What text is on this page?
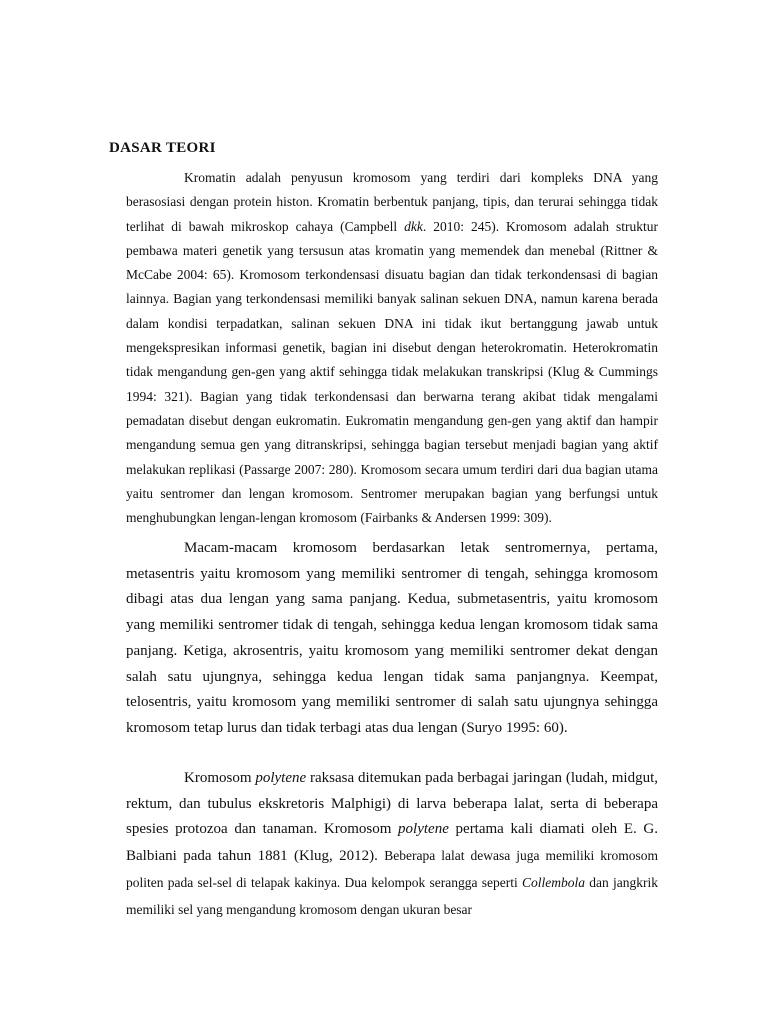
DASAR TEORI

Kromatin adalah penyusun kromosom yang terdiri dari kompleks DNA yang berasosiasi dengan protein histon. Kromatin berbentuk panjang, tipis, dan terurai sehingga tidak terlihat di bawah mikroskop cahaya (Campbell dkk. 2010: 245). Kromosom adalah struktur pembawa materi genetik yang tersusun atas kromatin yang memendek dan menebal (Rittner & McCabe 2004: 65). Kromosom terkondensasi disuatu bagian dan tidak terkondensasi di bagian lainnya. Bagian yang terkondensasi memiliki banyak salinan sekuen DNA, namun karena berada dalam kondisi terpadatkan, salinan sekuen DNA ini tidak ikut bertanggung jawab untuk mengekspresikan informasi genetik, bagian ini disebut dengan heterokromatin. Heterokromatin tidak mengandung gen-gen yang aktif sehingga tidak melakukan transkripsi (Klug & Cummings 1994: 321). Bagian yang tidak terkondensasi dan berwarna terang akibat tidak mengalami pemadatan disebut dengan eukromatin. Eukromatin mengandung gen-gen yang aktif dan hampir mengandung semua gen yang ditranskripsi, sehingga bagian tersebut menjadi bagian yang aktif melakukan replikasi (Passarge 2007: 280). Kromosom secara umum terdiri dari dua bagian utama yaitu sentromer dan lengan kromosom. Sentromer merupakan bagian yang berfungsi untuk menghubungkan lengan-lengan kromosom (Fairbanks & Andersen 1999: 309).

Macam-macam kromosom berdasarkan letak sentromernya, pertama, metasentris yaitu kromosom yang memiliki sentromer di tengah, sehingga kromosom dibagi atas dua lengan yang sama panjang. Kedua, submetasentris, yaitu kromosom yang memiliki sentromer tidak di tengah, sehingga kedua lengan kromosom tidak sama panjang. Ketiga, akrosentris, yaitu kromosom yang memiliki sentromer dekat dengan salah satu ujungnya, sehingga kedua lengan tidak sama panjangnya. Keempat, telosentris, yaitu kromosom yang memiliki sentromer di salah satu ujungnya sehingga kromosom tetap lurus dan tidak terbagi atas dua lengan (Suryo 1995: 60).

Kromosom polytene raksasa ditemukan pada berbagai jaringan (ludah, midgut, rektum, dan tubulus ekskretoris Malphigi) di larva beberapa lalat, serta di beberapa spesies protozoa dan tanaman. Kromosom polytene pertama kali diamati oleh E. G. Balbiani pada tahun 1881 (Klug, 2012). Beberapa lalat dewasa juga memiliki kromosom politen pada sel-sel di telapak kakinya. Dua kelompok serangga seperti Collembola dan jangkrik memiliki sel yang mengandung kromosom dengan ukuran besar
